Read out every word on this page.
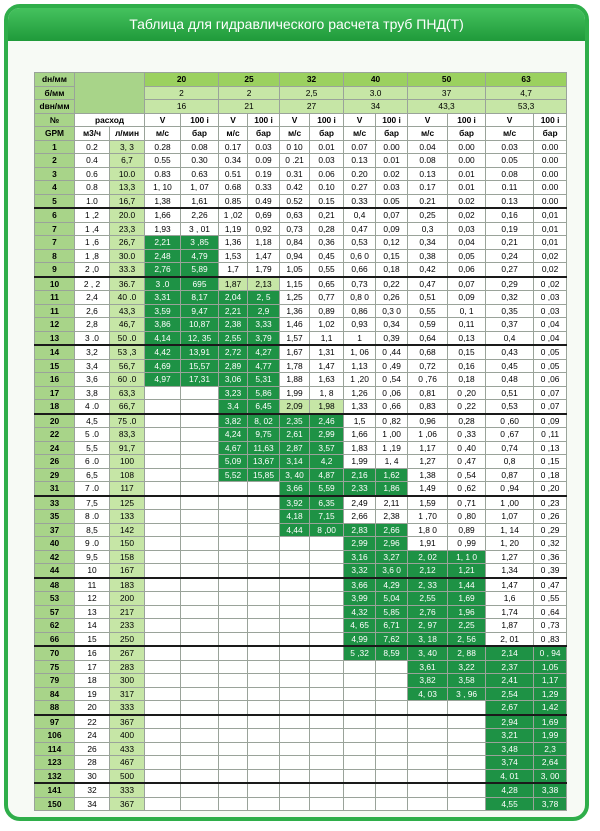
Таблица для гидравлического расчета труб ПНД(Т)
dн/мм			20		25		32		40		50		63	
б/мм			2		2		2,5		3.0		37		4,7	
dвн/мм			16		21		27		34		43,3		53,3	
№	расход		V	100 i	V	100 i	V	100 i	V	100 i	V	100 i	V	100 i
GPM	м3/ч	л/мин	м/с	бар	м/с	бар	м/с	бар	м/с	бар	м/с	бар	м/с	бар
1	0.2	3, 3	0.28	0.08	0.17	0.03	0 10	0.01	0.07	0.00	0.04	0.00	0.03	0.00
2	0.4	6,7	0.55	0.30	0.34	0.09	0 .21	0.03	0.13	0.01	0.08	0.00	0.05	0.00
3	0.6	10.0	0.83	0.63	0.51	0.19	0.31	0.06	0.20	0.02	0.13	0.01	0.08	0.00
4	0.8	13,3	1, 10	1, 07	0.68	0.33	0.42	0.10	0.27	0.03	0.17	0.01	0.11	0.00
5	1.0	16,7	1,38	1,61	0.85	0.49	0.52	0.15	0.33	0.05	0.21	0.02	0.13	0.00
6	1 ,2	20.0	1,66	2,26	1 ,02	0,69	0,63	0,21	0,4	0,07	0,25	0,02	0,16	0,01
7	1 ,4	23,3	1,93	3 , 01	1,19	0,92	0,73	0,28	0,47	0,09	0,3	0,03	0,19	0,01
7	1 ,6	26,7	2,21	3 ,85	1,36	1,18	0,84	0,36	0,53	0,12	0,34	0,04	0,21	0,01
8	1 ,8	30.0	2,48	4,79	1,53	1,47	0,94	0,45	0,6 0	0,15	0,38	0,05	0,24	0,02
9	2 ,0	33.3	2,76	5,89	1,7	1,79	1,05	0,55	0,66	0,18	0,42	0,06	0,27	0,02
10	2 , 2	36.7	3 .0	695	1,87	2,13	1,15	0,65	0,73	0,22	0,47	0,07	0,29	0 ,02
11	2,4	40 .0	3,31	8,17	2,04	2, 5	1,25	0,77	0,8 0	0,26	0,51	0,09	0,32	0 ,03
11	2,6	43,3	3,59	9,47	2,21	2,9	1,36	0,89	0,86	0,3 0	0,55	0, 1	0,35	0 ,03
12	2,8	46,7	3,86	10,87	2,38	3,33	1,46	1,02	0,93	0,34	0,59	0,11	0,37	0 ,04
13	3 .0	50 .0	4,14	12, 35	2,55	3,79	1,57	1,1	1	0,39	0,64	0,13	0,4	0 ,04
14	3,2	53 ,3	4,42	13,91	2,72	4,27	1,67	1,31	1, 06	0 ,44	0,68	0,15	0,43	0 ,05
15	3,4	56,7	4,69	15,57	2,89	4,77	1,78	1,47	1,13	0 ,49	0,72	0,16	0,45	0 ,05
16	3,6	60 .0	4,97	17,31	3,06	5,31	1,88	1,63	1 ,20	0 ,54	0 ,76	0,18	0,48	0 ,06
17	3,8	63,3			3,23	5,86	1,99	1, 8	1,26	0 ,06	0,81	0 ,20	0,51	0 ,07
18	4 .0	66,7			3,4	6,45	2,09	1,98	1,33	0 ,66	0,83	0 ,22	0,53	0 ,07
20	4,5	75 .0			3,82	8, 02	2,35	2,46	1,5	0 ,82	0,96	0,28	0 ,60	0 ,09
22	5 .0	83,3			4,24	9,75	2,61	2,99	1,66	1 ,00	1 ,06	0 ,33	0 ,67	0 ,11
24	5,5	91,7			4,67	11,63	2,87	3,57	1,83	1 ,19	1,17	0 ,40	0,74	0 ,13
26	6 .0	100			5,09	13,67	3,14	4,2	1,99	1, 4	1,27	0 ,47	0,8	0 ,15
29	6,5	108			5,52	15,85	3, 40	4,87	2,16	1,62	1,38	0 ,54	0,87	0 ,18
31	7 .0	117					3,66	5,59	2,33	1,86	1,49	0 ,62	0 ,94	0 ,20
33	7,5	125					3,92	6,35	2,49	2,11	1,59	0 ,71	1 ,00	0 ,23
35	8 .0	133					4,18	7,15	2,66	2,38	1 ,70	0 ,80	1,07	0 ,26
37	8,5	142					4,44	8 ,00	2,83	2,66	1,8 0	0,89	1, 14	0 ,29
40	9 .0	150							2,99	2,96	1,91	0 ,99	1, 20	0 ,32
42	9,5	158							3,16	3,27	2, 02	1, 1 0	1,27	0 ,36
44	10	167							3,32	3,6 0	2,12	1,21	1,34	0 ,39
48	11	183							3,66	4,29	2, 33	1,44	1,47	0 ,47
53	12	200							3,99	5,04	2,55	1,69	1,6	0 ,55
57	13	217							4,32	5,85	2,76	1,96	1,74	0 ,64
62	14	233							4, 65	6,71	2, 97	2,25	1,87	0 ,73
66	15	250							4,99	7,62	3, 18	2, 56	2, 01	0 ,83
70	16	267							5 ,32	8,59	3, 40	2, 88	2,14	0 , 94
75	17	283									3,61	3,22	2,37	1,05
79	18	300									3,82	3,58	2,41	1,17
84	19	317									4, 03	3 , 96	2,54	1,29
88	20	333											2,67	1,42
97	22	367											2,94	1,69
106	24	400											3,21	1,99
114	26	433											3,48	2,3
123	28	467											3,74	2,64
132	30	500											4, 01	3, 00
141	32	333											4,28	3,38
150	34	367											4,55	3,78
